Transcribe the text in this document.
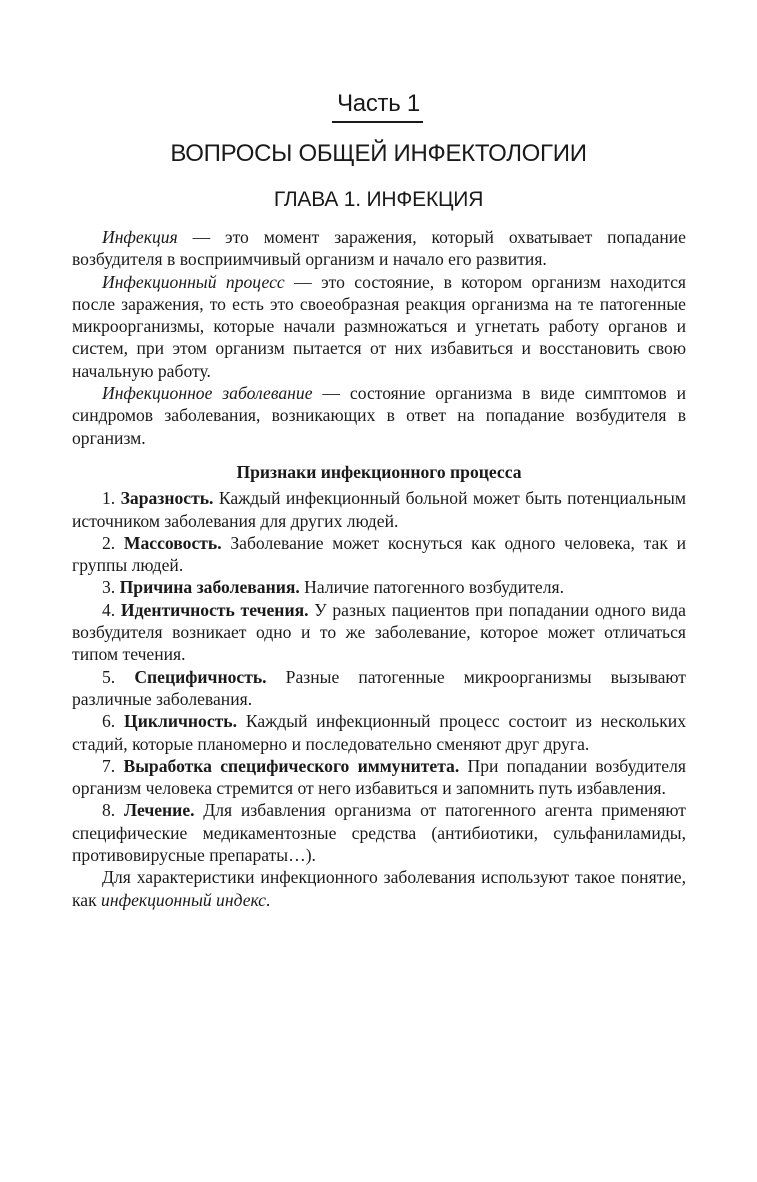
Часть 1
ВОПРОСЫ ОБЩЕЙ ИНФЕКТОЛОГИИ
ГЛАВА 1. ИНФЕКЦИЯ

Инфекция — это момент заражения, который охватывает попадание возбудителя в восприимчивый организм и начало его развития.

Инфекционный процесс — это состояние, в котором организм находится после заражения, то есть это своеобразная реакция организма на те патогенные микроорганизмы, которые начали размножаться и угнетать работу органов и систем, при этом организм пытается от них избавиться и восстановить свою начальную работу.

Инфекционное заболевание — состояние организма в виде симптомов и синдромов заболевания, возникающих в ответ на попадание возбудителя в организм.

Признаки инфекционного процесса

1. Заразность. Каждый инфекционный больной может быть потенциальным источником заболевания для других людей.

2. Массовость. Заболевание может коснуться как одного человека, так и группы людей.

3. Причина заболевания. Наличие патогенного возбудителя.

4. Идентичность течения. У разных пациентов при попадании одного вида возбудителя возникает одно и то же заболевание, которое может отличаться типом течения.

5. Специфичность. Разные патогенные микроорганизмы вызывают различные заболевания.

6. Цикличность. Каждый инфекционный процесс состоит из нескольких стадий, которые планомерно и последовательно сменяют друг друга.

7. Выработка специфического иммунитета. При попадании возбудителя организм человека стремится от него избавиться и запомнить путь избавления.

8. Лечение. Для избавления организма от патогенного агента применяют специфические медикаментозные средства (антибиотики, сульфаниламиды, противовирусные препараты…).

Для характеристики инфекционного заболевания используют такое понятие, как инфекционный индекс.
